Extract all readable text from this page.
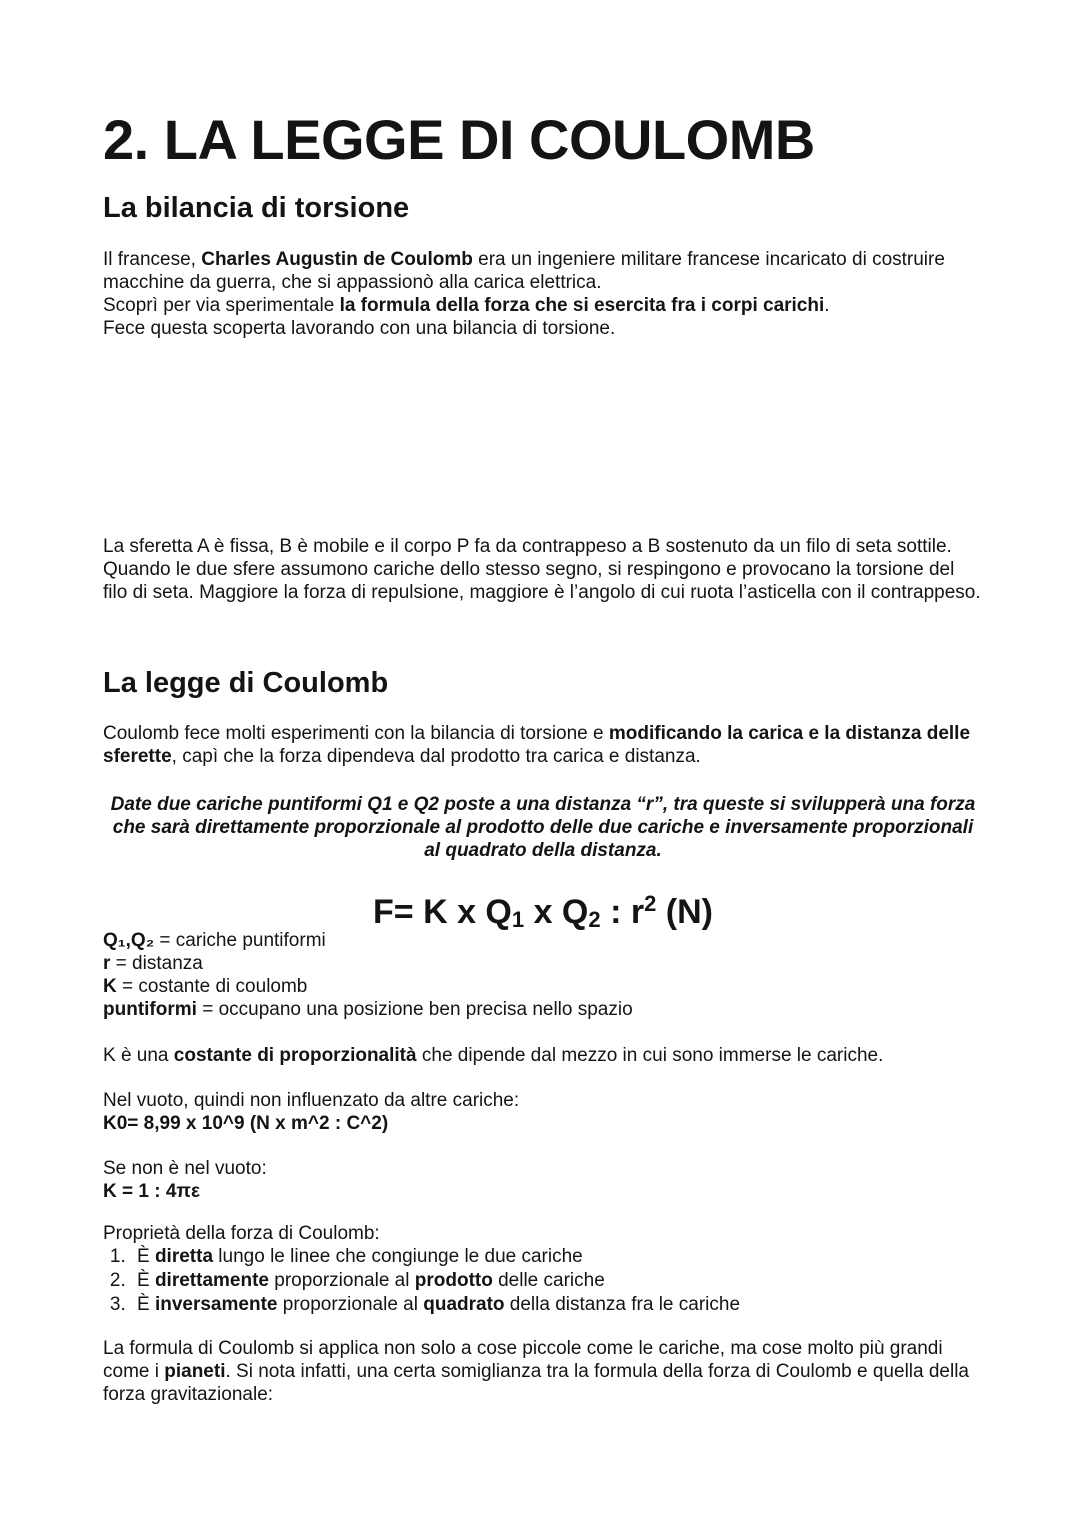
2. LA LEGGE DI COULOMB
La bilancia di torsione

Il francese, Charles Augustin de Coulomb era un ingeniere militare francese incaricato di costruire macchine da guerra, che si appassionò alla carica elettrica.

Scoprì per via sperimentale la formula della forza che si esercita fra i corpi carichi.

Fece questa scoperta lavorando con una bilancia di torsione.

La sferetta A è fissa, B è mobile e il corpo P fa da contrappeso a B sostenuto da un filo di seta sottile.

Quando le due sfere assumono cariche dello stesso segno, si respingono e provocano la torsione del filo di seta. Maggiore la forza di repulsione, maggiore è l’angolo di cui ruota l’asticella con il contrappeso.

La legge di Coulomb

Coulomb fece molti esperimenti con la bilancia di torsione e modificando la carica e la distanza delle sferette, capì che la forza dipendeva dal prodotto tra carica e distanza.

Date due cariche puntiformi Q1 e Q2 poste a una distanza “r”, tra queste si svilupperà una forza che sarà direttamente proporzionale al prodotto delle due cariche e inversamente proporzionali al quadrato della distanza.

F= K x $Q_1$ x $Q_2$ : $r^2$ (N)

Q₁,Q₂ = cariche puntiformi

r = distanza

K = costante di coulomb

puntiformi = occupano una posizione ben precisa nello spazio

K è una costante di proporzionalità che dipende dal mezzo in cui sono immerse le cariche.

Nel vuoto, quindi non influenzato da altre cariche:

K0= 8,99 x 10^9 (N x m^2 : C^2)

Se non è nel vuoto:

K = 1 : 4πε

Proprietà della forza di Coulomb:

1. È diretta lungo le linee che congiunge le due cariche
2. È direttamente proporzionale al prodotto delle cariche
3. È inversamente proporzionale al quadrato della distanza fra le cariche

La formula di Coulomb si applica non solo a cose piccole come le cariche, ma cose molto più grandi come i pianeti. Si nota infatti, una certa somiglianza tra la formula della forza di Coulomb e quella della forza gravitazionale:
